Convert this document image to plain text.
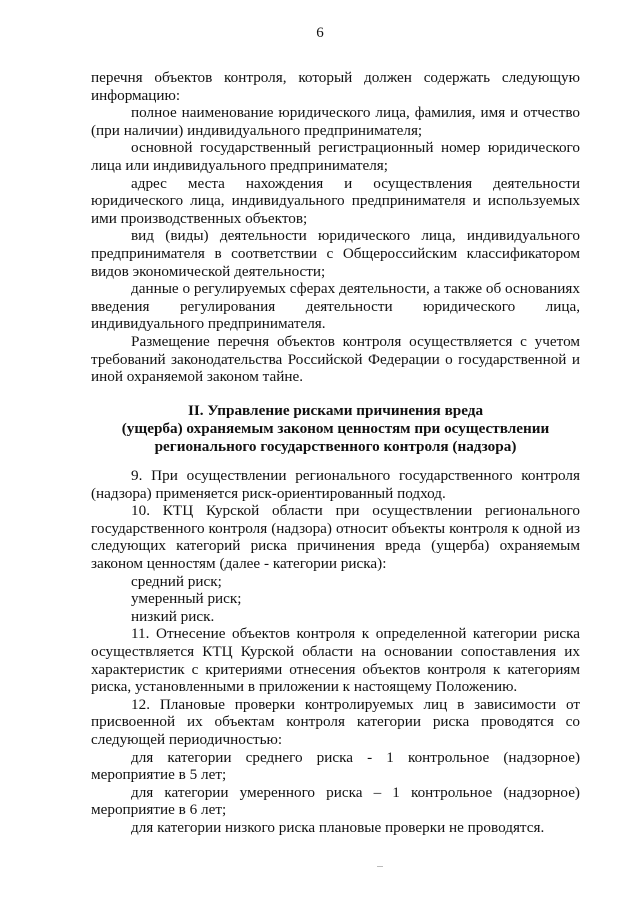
6

перечня объектов контроля, который должен содержать следующую информацию:

полное наименование юридического лица, фамилия, имя и отчество (при наличии) индивидуального предпринимателя;

основной государственный регистрационный номер юридического лица или индивидуального предпринимателя;

адрес места нахождения и осуществления деятельности юридического лица, индивидуального предпринимателя и используемых ими производственных объектов;

вид (виды) деятельности юридического лица, индивидуального предпринимателя в соответствии с Общероссийским классификатором видов экономической деятельности;

данные о регулируемых сферах деятельности, а также об основаниях введения регулирования деятельности юридического лица, индивидуального предпринимателя.

Размещение перечня объектов контроля осуществляется с учетом требований законодательства Российской Федерации о государственной и иной охраняемой законом тайне.

II. Управление рисками причинения вреда
(ущерба) охраняемым законом ценностям при осуществлении
регионального государственного контроля (надзора)

9. При осуществлении регионального государственного контроля (надзора) применяется риск-ориентированный подход.

10. КТЦ Курской области при осуществлении регионального государственного контроля (надзора) относит объекты контроля к одной из следующих категорий риска причинения вреда (ущерба) охраняемым законом ценностям (далее - категории риска):

средний риск;

умеренный риск;

низкий риск.

11. Отнесение объектов контроля к определенной категории риска осуществляется КТЦ Курской области на основании сопоставления их характеристик с критериями отнесения объектов контроля к категориям риска, установленными в приложении к настоящему Положению.

12. Плановые проверки контролируемых лиц в зависимости от присвоенной их объектам контроля категории риска проводятся со следующей периодичностью:

для категории среднего риска - 1 контрольное (надзорное) мероприятие в 5 лет;

для категории умеренного риска – 1 контрольное (надзорное) мероприятие в 6 лет;

для категории низкого риска плановые проверки не проводятся.
